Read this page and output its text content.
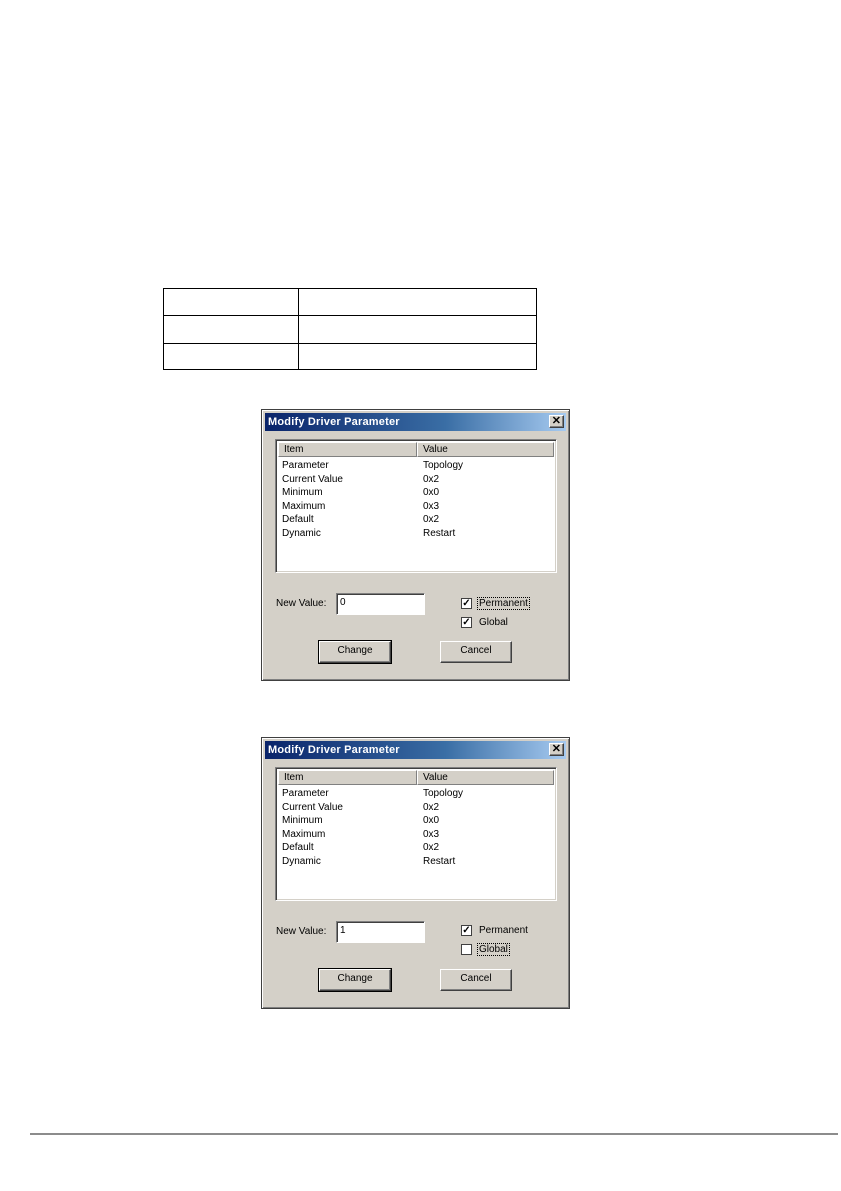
Modify Driver Parameter	✕
Item	Value
Parameter	Topology
Current Value	0x2
Minimum	0x0
Maximum	0x3
Default	0x2
Dynamic	Restart
New Value:	0	✓ Permanent
✓ Global
Change	Cancel
Modify Driver Parameter	✕
Item	Value
Parameter	Topology
Current Value	0x2
Minimum	0x0
Maximum	0x3
Default	0x2
Dynamic	Restart
New Value:	1	✓ Permanent
Global
Change	Cancel
